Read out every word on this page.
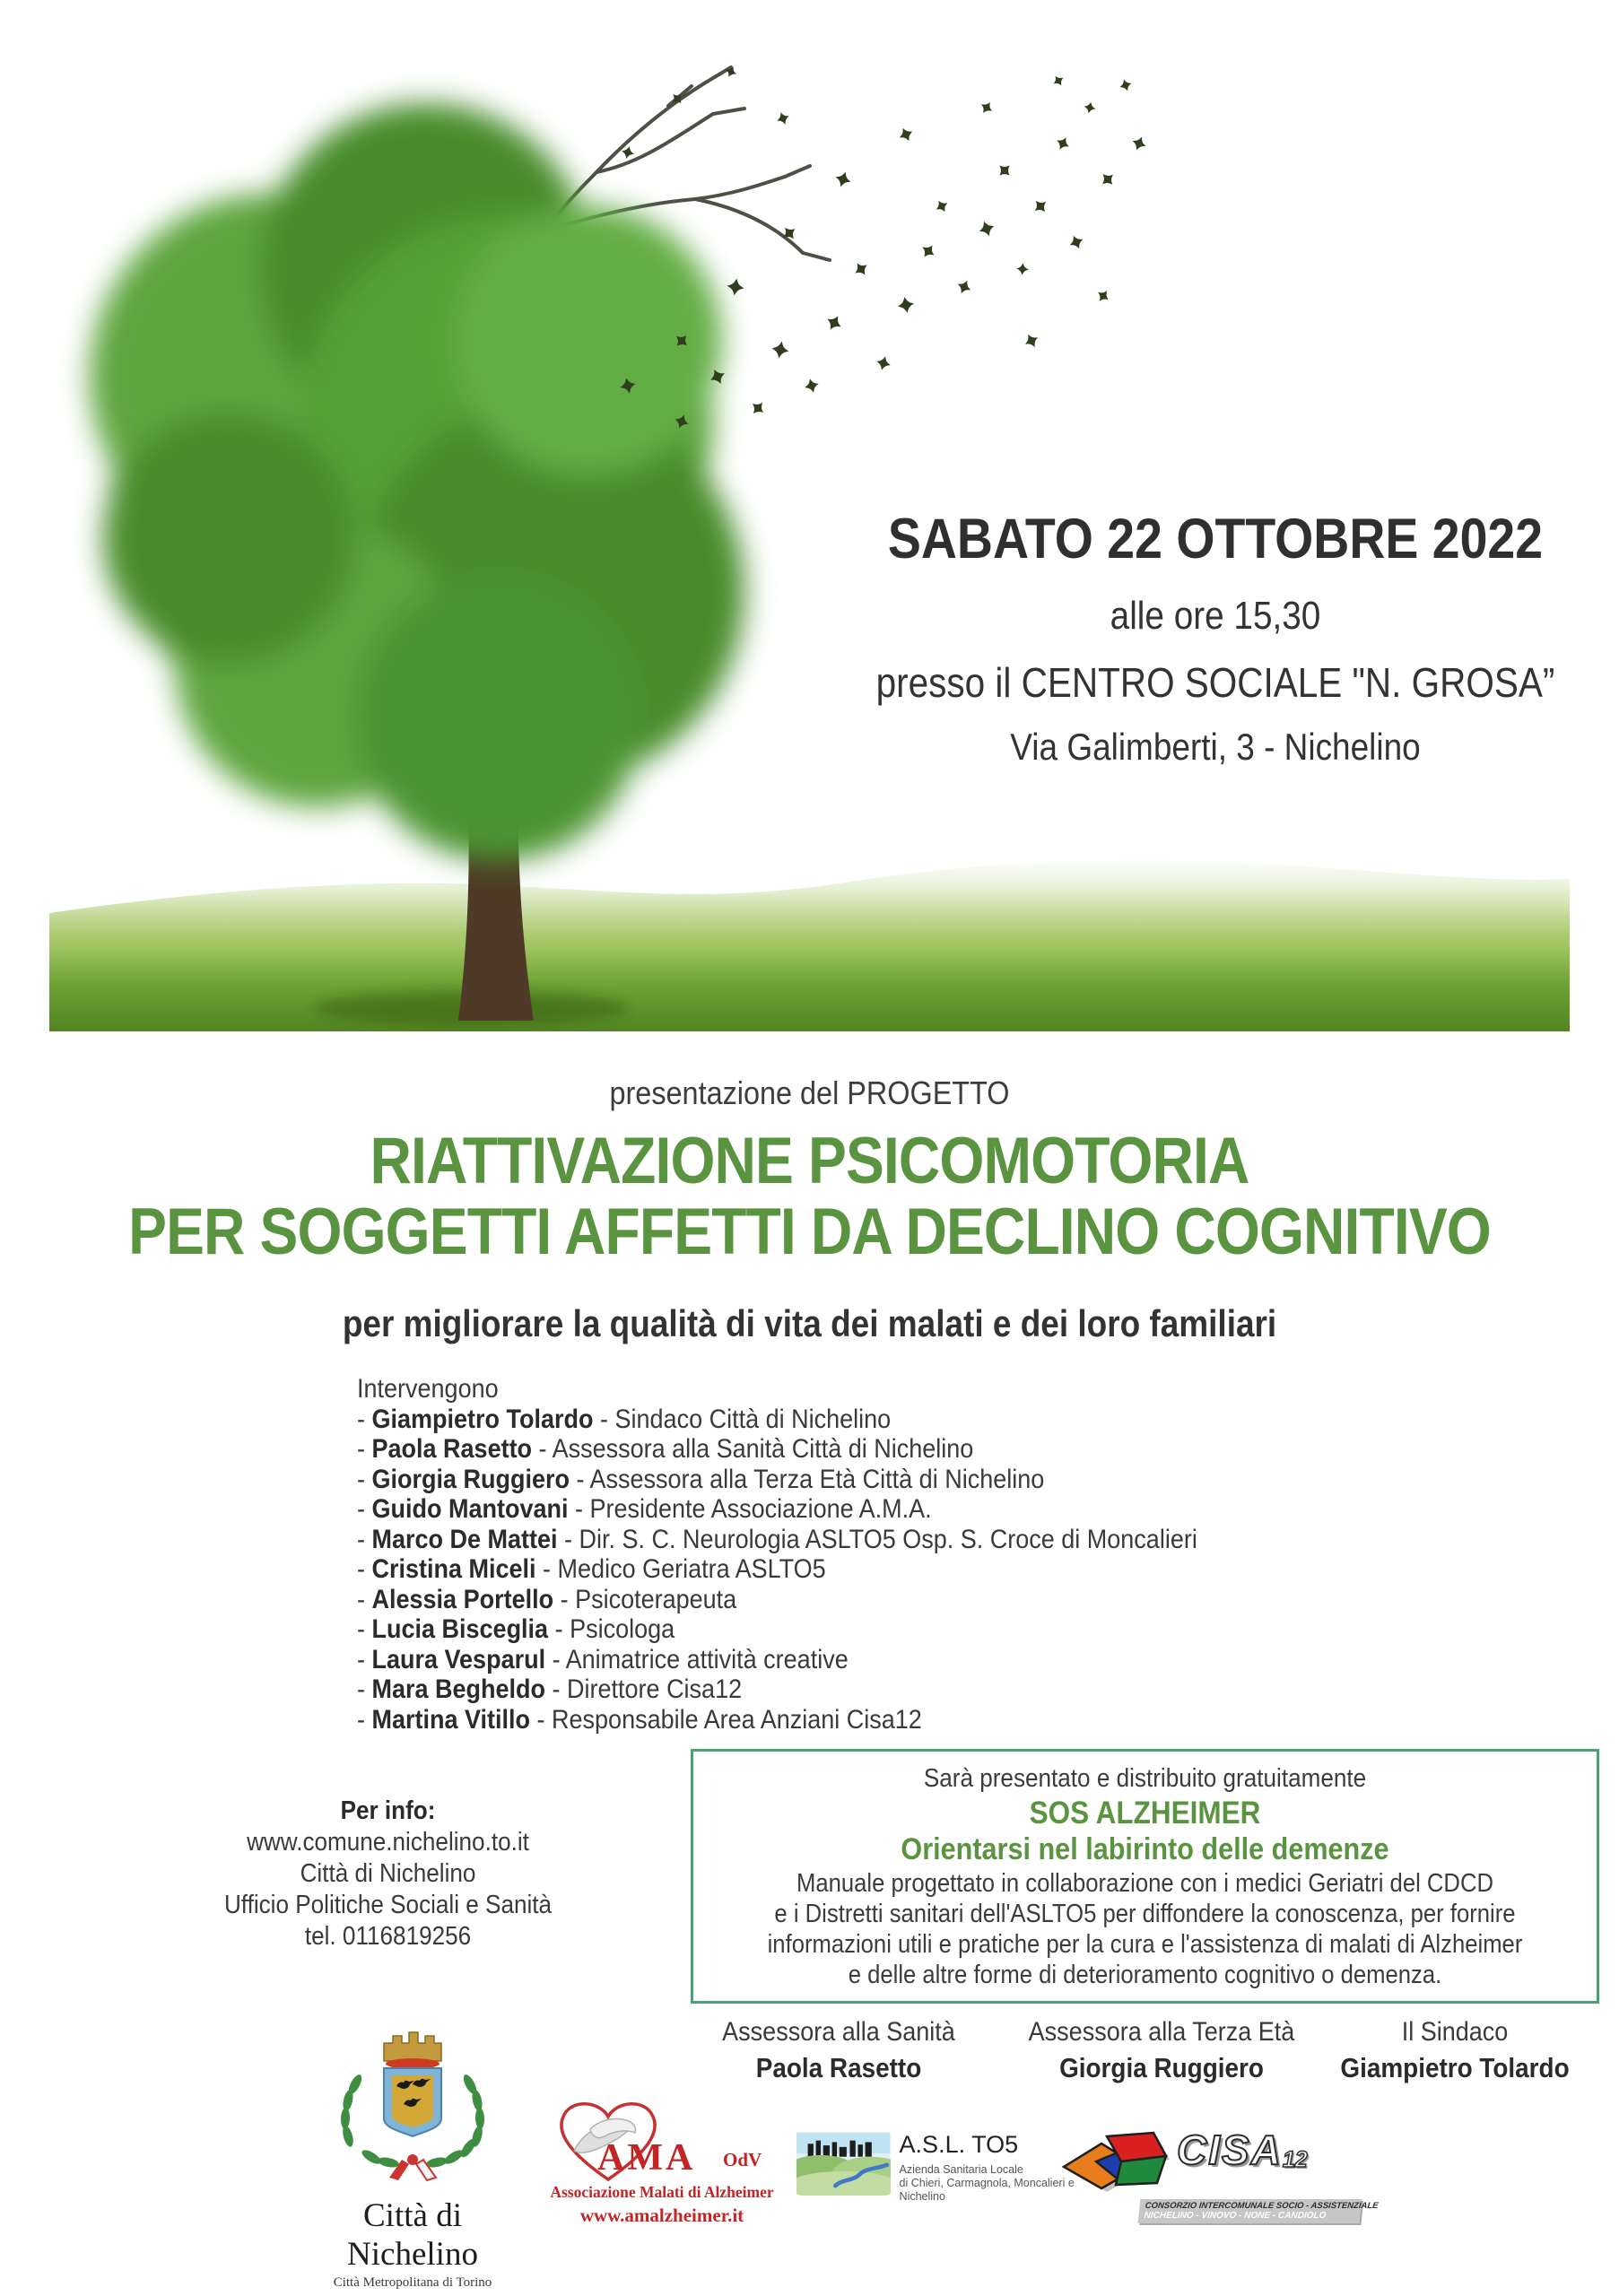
SABATO 22 OTTOBRE 2022
alle ore 15,30
presso il CENTRO SOCIALE "N. GROSA”
Via Galimberti, 3 - Nichelino
presentazione del PROGETTO
RIATTIVAZIONE PSICOMOTORIA
PER SOGGETTI AFFETTI DA DECLINO COGNITIVO
per migliorare la qualità di vita dei malati e dei loro familiari
Intervengono
- Giampietro Tolardo - Sindaco Città di Nichelino
- Paola Rasetto - Assessora alla Sanità Città di Nichelino
- Giorgia Ruggiero - Assessora alla Terza Età Città di Nichelino
- Guido Mantovani - Presidente Associazione A.M.A.
- Marco De Mattei - Dir. S. C. Neurologia ASLTO5 Osp. S. Croce di Moncalieri
- Cristina Miceli - Medico Geriatra ASLTO5
- Alessia Portello - Psicoterapeuta
- Lucia Bisceglia - Psicologa
- Laura Vesparul - Animatrice attività creative
- Mara Begheldo - Direttore Cisa12
- Martina Vitillo - Responsabile Area Anziani Cisa12
Per info:
www.comune.nichelino.to.it
Città di Nichelino
Ufficio Politiche Sociali e Sanità
tel. 0116819256
Sarà presentato e distribuito gratuitamente
SOS ALZHEIMER
Orientarsi nel labirinto delle demenze
Manuale progettato in collaborazione con i medici Geriatri del CDCD
e i Distretti sanitari dell'ASLTO5 per diffondere la conoscenza, per fornire
informazioni utili e pratiche per la cura e l'assistenza di malati di Alzheimer
e delle altre forme di deterioramento cognitivo o demenza.
Assessora alla Sanità
Paola Rasetto
Assessora alla Terza Età
Giorgia Ruggiero
Il Sindaco
Giampietro Tolardo
Città di Nichelino
Città Metropolitana di Torino
AMA OdV
Associazione Malati di Alzheimer
www.amalzheimer.it
A.S.L. TO5
Azienda Sanitaria Locale
di Chieri, Carmagnola, Moncalieri e Nichelino
CISA 12
CONSORZIO INTERCOMUNALE SOCIO - ASSISTENZIALE
NICHELINO - VINOVO - NONE - CANDIOLO
